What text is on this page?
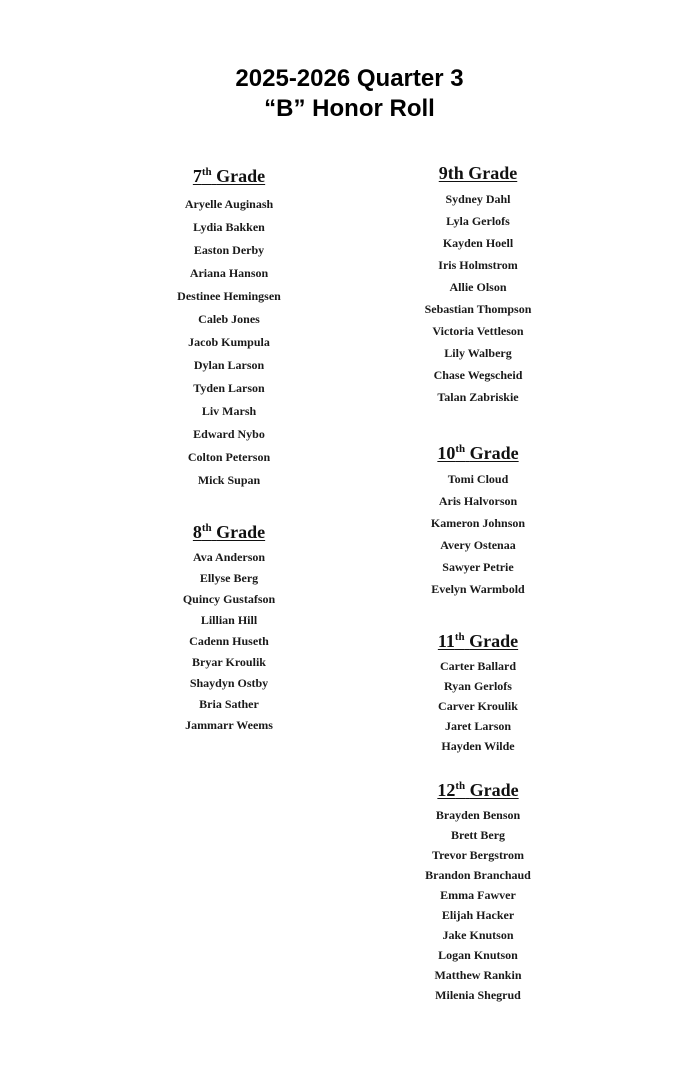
2025-2026 Quarter 3
“B” Honor Roll
7th Grade
Aryelle Auginash
Lydia Bakken
Easton Derby
Ariana Hanson
Destinee Hemingsen
Caleb Jones
Jacob Kumpula
Dylan Larson
Tyden Larson
Liv Marsh
Edward Nybo
Colton Peterson
Mick Supan
8th Grade
Ava Anderson
Ellyse Berg
Quincy Gustafson
Lillian Hill
Cadenn Huseth
Bryar Kroulik
Shaydyn Ostby
Bria Sather
Jammarr Weems
9th Grade
Sydney Dahl
Lyla Gerlofs
Kayden Hoell
Iris Holmstrom
Allie Olson
Sebastian Thompson
Victoria Vettleson
Lily Walberg
Chase Wegscheid
Talan Zabriskie
10th Grade
Tomi Cloud
Aris Halvorson
Kameron Johnson
Avery Ostenaa
Sawyer Petrie
Evelyn Warmbold
11th Grade
Carter Ballard
Ryan Gerlofs
Carver Kroulik
Jaret Larson
Hayden Wilde
12th Grade
Brayden Benson
Brett Berg
Trevor Bergstrom
Brandon Branchaud
Emma Fawver
Elijah Hacker
Jake Knutson
Logan Knutson
Matthew Rankin
Milenia Shegrud
